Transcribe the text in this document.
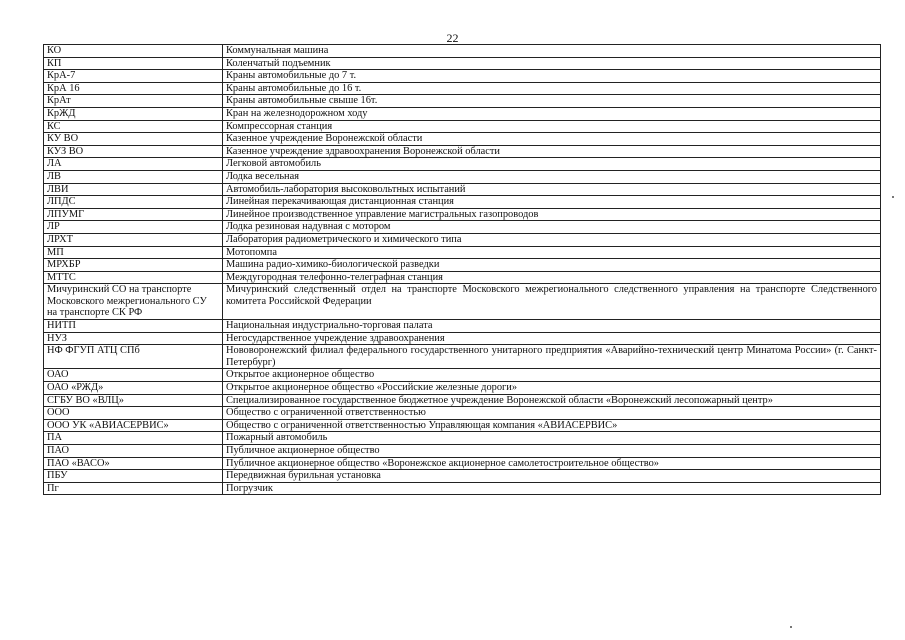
22
КО	Коммунальная машина
КП	Коленчатый подъемник
КрА-7	Краны автомобильные до 7 т.
КрА 16	Краны автомобильные до 16 т.
КрАт	Краны автомобильные свыше 16т.
КрЖД	Кран на железнодорожном ходу
КС	Компрессорная станция
КУ ВО	Казенное учреждение Воронежской области
КУЗ ВО	Казенное учреждение здравоохранения Воронежской области
ЛА	Легковой автомобиль
ЛВ	Лодка весельная
ЛВИ	Автомобиль-лаборатория высоковольтных испытаний
ЛПДС	Линейная перекачивающая дистанционная станция
ЛПУМГ	Линейное производственное управление магистральных газопроводов
ЛР	Лодка резиновая надувная с мотором
ЛРХТ	Лаборатория радиометрического и химического типа
МП	Мотопомпа
МРХБР	Машина радио-химико-биологической разведки
МТТС	Междугородная телефонно-телеграфная станция
Мичуринский СО на транспорте Московского межрегионального СУ на транспорте СК РФ	Мичуринский следственный отдел на транспорте Московского межрегионального следственного управления на транспорте Следственного комитета Российской Федерации
НИТП	Национальная индустриально-торговая палата
НУЗ	Негосударственное учреждение здравоохранения
НФ ФГУП АТЦ СПб	Нововоронежский филиал федерального государственного унитарного предприятия «Аварийно-технический центр Минатома России» (г. Санкт-Петербург)
ОАО	Открытое акционерное общество
ОАО «РЖД»	Открытое акционерное общество «Российские железные дороги»
СГБУ ВО «ВЛЦ»	Специализированное государственное бюджетное учреждение Воронежской области «Воронежский лесопожарный центр»
ООО	Общество с ограниченной ответственностью
ООО УК «АВИАСЕРВИС»	Общество с ограниченной ответственностью Управляющая компания «АВИАСЕРВИС»
ПА	Пожарный автомобиль
ПАО	Публичное акционерное общество
ПАО «ВАСО»	Публичное акционерное общество «Воронежское акционерное самолетостроительное общество»
ПБУ	Передвижная бурильная установка
Пг	Погрузчик
